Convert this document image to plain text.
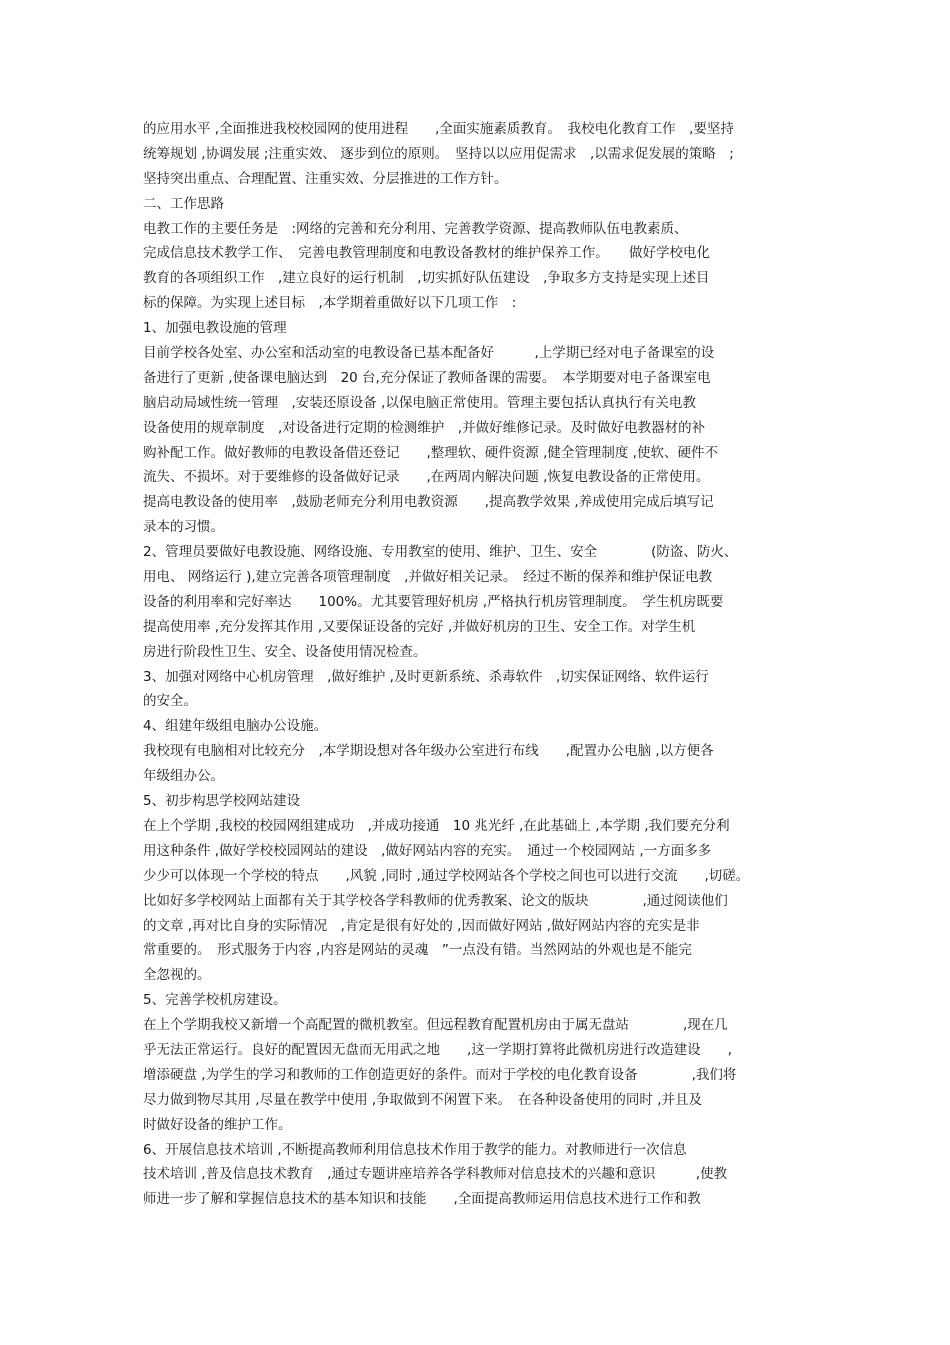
的应用水平 ,全面推进我校校园网的使用进程　　,全面实施素质教育。　我校电化教育工作　,要坚持
统筹规划 ,协调发展 ;注重实效、 逐步到位的原则。　坚持以以应用促需求　,以需求促发展的策略　;
坚持突出重点、合理配置、注重实效、分层推进的工作方针。
二、工作思路
电教工作的主要任务是　:网络的完善和充分利用、完善教学资源、提高教师队伍电教素质、
完成信息技术教学工作、　完善电教管理制度和电教设备教材的维护保养工作。　　做好学校电化
教育的各项组织工作　,建立良好的运行机制　,切实抓好队伍建设　,争取多方支持是实现上述目
标的保障。为实现上述目标　,本学期着重做好以下几项工作　:
1、加强电教设施的管理
目前学校各处室、办公室和活动室的电教设备已基本配备好　　　,上学期已经对电子备课室的设
备进行了更新 ,使备课电脑达到　20 台,充分保证了教师备课的需要。　本学期要对电子备课室电
脑启动局域性统一管理　,安装还原设备 ,以保电脑正常使用。管理主要包括认真执行有关电教
设备使用的规章制度　,对设备进行定期的检测维护　,并做好维修记录。及时做好电教器材的补
购补配工作。做好教师的电教设备借还登记　　,整理软、硬件资源 ,健全管理制度 ,使软、硬件不
流失、不损坏。对于要维修的设备做好记录　　,在两周内解决问题 ,恢复电教设备的正常使用。
提高电教设备的使用率　,鼓励老师充分利用电教资源　　,提高教学效果 ,养成使用完成后填写记
录本的习惯。
2、管理员要做好电教设施、网络设施、专用教室的使用、维护、卫生、安全　　　　(防盗、防火、
用电、 网络运行 ),建立完善各项管理制度　,并做好相关记录。　经过不断的保养和维护保证电教
设备的利用率和完好率达　　100%。尤其要管理好机房 ,严格执行机房管理制度。　学生机房既要
提高使用率 ,充分发挥其作用 ,又要保证设备的完好 ,并做好机房的卫生、安全工作。对学生机
房进行阶段性卫生、安全、设备使用情况检查。
3、加强对网络中心机房管理　,做好维护 ,及时更新系统、杀毒软件　,切实保证网络、软件运行
的安全。
4、组建年级组电脑办公设施。
我校现有电脑相对比较充分　,本学期设想对各年级办公室进行布线　　,配置办公电脑 ,以方便各
年级组办公。
5、初步构思学校网站建设
在上个学期 ,我校的校园网组建成功　,并成功接通　10 兆光纤 ,在此基础上 ,本学期 ,我们要充分利
用这种条件 ,做好学校校园网站的建设　,做好网站内容的充实。　通过一个校园网站 ,一方面多多
少少可以体现一个学校的特点　　,风貌 ,同时 ,通过学校网站各个学校之间也可以进行交流　　,切磋。
比如好多学校网站上面都有关于其学校各学科教师的优秀教案、论文的版块　　　　,通过阅读他们
的文章 ,再对比自身的实际情况　,肯定是很有好处的 ,因而做好网站 ,做好网站内容的充实是非
常重要的。　形式服务于内容 ,内容是网站的灵魂　”一点没有错。当然网站的外观也是不能完
全忽视的。
5、完善学校机房建设。
在上个学期我校又新增一个高配置的微机教室。但远程教育配置机房由于属无盘站　　　　,现在几
乎无法正常运行。良好的配置因无盘而无用武之地　　,这一学期打算将此微机房进行改造建设　　,
增添硬盘 ,为学生的学习和教师的工作创造更好的条件。而对于学校的电化教育设备　　　　,我们将
尽力做到物尽其用 ,尽量在教学中使用 ,争取做到不闲置下来。　在各种设备使用的同时 ,并且及
时做好设备的维护工作。
6、开展信息技术培训 ,不断提高教师利用信息技术作用于教学的能力。对教师进行一次信息
技术培训 ,普及信息技术教育　,通过专题讲座培养各学科教师对信息技术的兴趣和意识　　　,使教
师进一步了解和掌握信息技术的基本知识和技能　　,全面提高教师运用信息技术进行工作和教
